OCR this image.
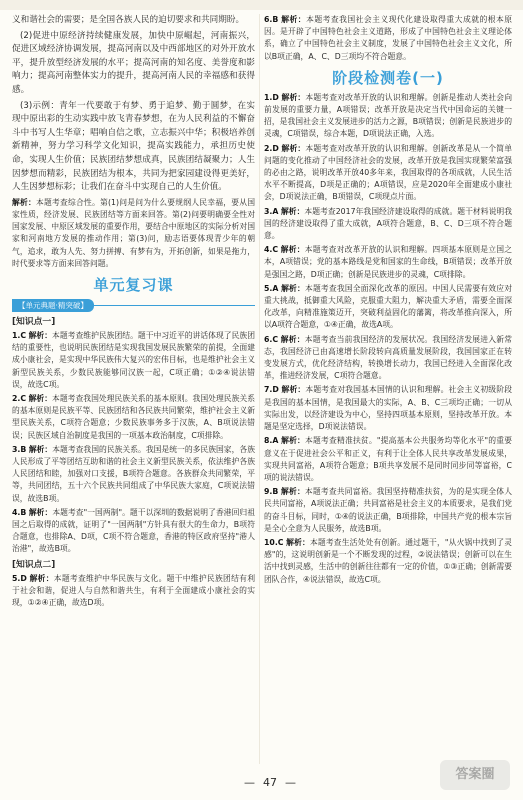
义和谐社会的需要；是全国各族人民的迫切要求和共同期盼。

(2)促进中原经济持续健康发展，加快中原崛起，河南振兴，促进区域经济协调发展，提高河南以及中西部地区的对外开放水平，提升放型经济发展的水平；提高河南的知名度、美誉度和影响力；提高河南整体实力的提升，提高河南人民的幸福感和获得感。

(3)示例：青年一代要敢于有梦、勇于追梦、勤于圆梦，在实现中原出彩的生动实践中放飞青春梦想，在为人民利益的不懈奋斗中书写人生华章；唱响自信之歌，立志振兴中华；积极培养创新精神，努力学习科学文化知识，提高实践能力，承担历史使命，实现人生价值；民族团结梦想成真，民族团结凝聚力；人生因梦想而精彩，民族团结为根本，共同为把家园建设得更美好，人生因梦想标彩；让我们在奋斗中实现自己的人生价值。

解析：本题考查综合性。第(1)问是问为什么要规纲人民幸福，要从国家性质，经济发展、民族团结等方面来回答。第(2)问要明确要全性对国家发展、中原区域发展的重要作用，要结合中原地区的实际分析对国家和河南地方发展的推动作用；第(3)问，励志语要体现青少年的朝气，追求，敢为人先、努力拼搏、有梦有为，开拓创新，如果是拖力，时代要求等方面来回答问题。

单元复习课
【单元典题·精突破】
[知识点一]

1.C 解析：本题考查维护民族团结。题干中习近平的讲话体现了民族团结的重要性，也说明民族团结是实现我国发展民族繁荣的前提，全面建成小康社会，是实现中华民族伟大复兴的宏伟目标，也是维护社会主义新型民族关系，少数民族能够同汉族一起，C项正确；①②④说法错误，故选C项。

2.C 解析：本题考查我国处理民族关系的基本原则。我国处理民族关系的基本原则是民族平等、民族团结和各民族共同繁荣，维护社会主义新型民族关系，C项符合题意；少数民族事务多于汉族，A、B项说法错误；民族区域自治制度是我国的一项基本政治制度，C项排除。

3.B 解析：本题考查我国的民族关系。我国是统一的多民族国家，各族人民形成了平等团结互助和谐的社会主义新型民族关系，依法维护各族人民团结和睦，加强对口支援，B项符合题意。各族群众共同繁荣，平等，共同团结，五十六个民族共同组成了中华民族大家庭，C项说法错误，故选B项。

4.B 解析：本题考查"一国两制"。题干以深圳的数据说明了香港回归祖国之后取得的成就，证明了"一国两制"方针具有很大的生命力，B项符合题意，也排除A、D项，C项不符合题意，香港的特区政府坚持"港人治港"，故选B项。

[知识点二]

5.D 解析：本题考查维护中华民族与文化。题干中维护民族团结有利于社会和谐，促进人与自然和谐共生，有利于全面建成小康社会的实现，①②④正确，故选D项。

6.B 解析：本题考查我国社会主义现代化建设取得重大成就的根本原因。是开辟了中国特色社会主义道路，形成了中国特色社会主义理论体系，确立了中国特色社会主义制度，发展了中国特色社会主义文化，所以B项正确，A、C、D三项均不符合题意。

阶段检测卷(一)

1.D 解析：本题考查对改革开放的认识和理解。创新是推动人类社会向前发展的重要力量，A项错误；改革开放是决定当代中国命运的关键一招，是我国社会主义发展进步的活力之源，B项错误；创新是民族进步的灵魂，C项错误，综合本题，D项说法正确，入选。

2.D 解析：本题考查对改革开放的认识和理解。创新改革是从一个简单问题的变化推动了中国经济社会的发展，改革开放是我国实现繁荣富强的必由之路，说明改革开放40多年来，我国取得的各项成就，人民生活水平不断提高，D项是正确的；A项错误，应是2020年全面建成小康社会，D项说法正确，B项错误，C项现点片面。

3.A 解析：本题考查2017年我国经济建设取得的成就。题干材料说明我国的经济建设取得了重大成就，A项符合题意，B、C、D三项不符合题意。

4.C 解析：本题考查对改革开放的认识和理解。四项基本原则是立国之本，A项错误；党的基本路线是党和国家的生命线，B项错误；改革开放是强国之路，D项正确；创新是民族进步的灵魂，C项排除。

5.A 解析：本题考查我国全面深化改革的原因。中国人民需要有效应对重大挑战，抵御重大风险，克服重大阻力，解决重大矛盾，需要全面深化改革，向精准施策迈开，突破利益固化的藩篱，将改革推向深入，所以A项符合题意，①④正确，故选A项。

6.C 解析：本题考查当前我国经济的发展状况。我国经济发展进入新常态，我国经济已由高速增长阶段转向高质量发展阶段，我国国家正在转变发展方式，优化经济结构，转换增长动力，我国已经进入全面深化改革，推进经济发展，C项符合题意。

7.D 解析：本题考查对我国基本国情的认识和理解。社会主义初级阶段是我国的基本国情，是我国最大的实际，A、B、C三项均正确；一切从实际出发，以经济建设为中心，坚持四项基本原则，坚持改革开放。本题是坚定选择，D项说法错误。

8.A 解析：本题考查精准扶贫。"提高基本公共服务均等化水平"的重要意义在于促进社会公平和正义，有利于让全体人民共享改革发展成果，实现共同富裕，A项符合题意；B项共享发展不是同时同步同等富裕，C项的说法错误。

9.B 解析：本题考查共同富裕。我国坚持精准扶贫，为的是实现全体人民共同富裕，A项说法正确；共同富裕是社会主义的本质要求，是我们党的奋斗目标，同时，①④的说法正确，B项排除，中国共产党的根本宗旨是全心全意为人民服务，故选B项。

10.C 解析：本题考查生活处处有创新。通过题干，"从火锅中找到了灵感"的，这说明创新是一个不断发现的过程，②说法错误；创新可以在生活中找到灵感，生活中的创新往往都有一定的价值，①③正确；创新需要团队合作，④说法错误，故选C项。

— 47 —
答案圈
